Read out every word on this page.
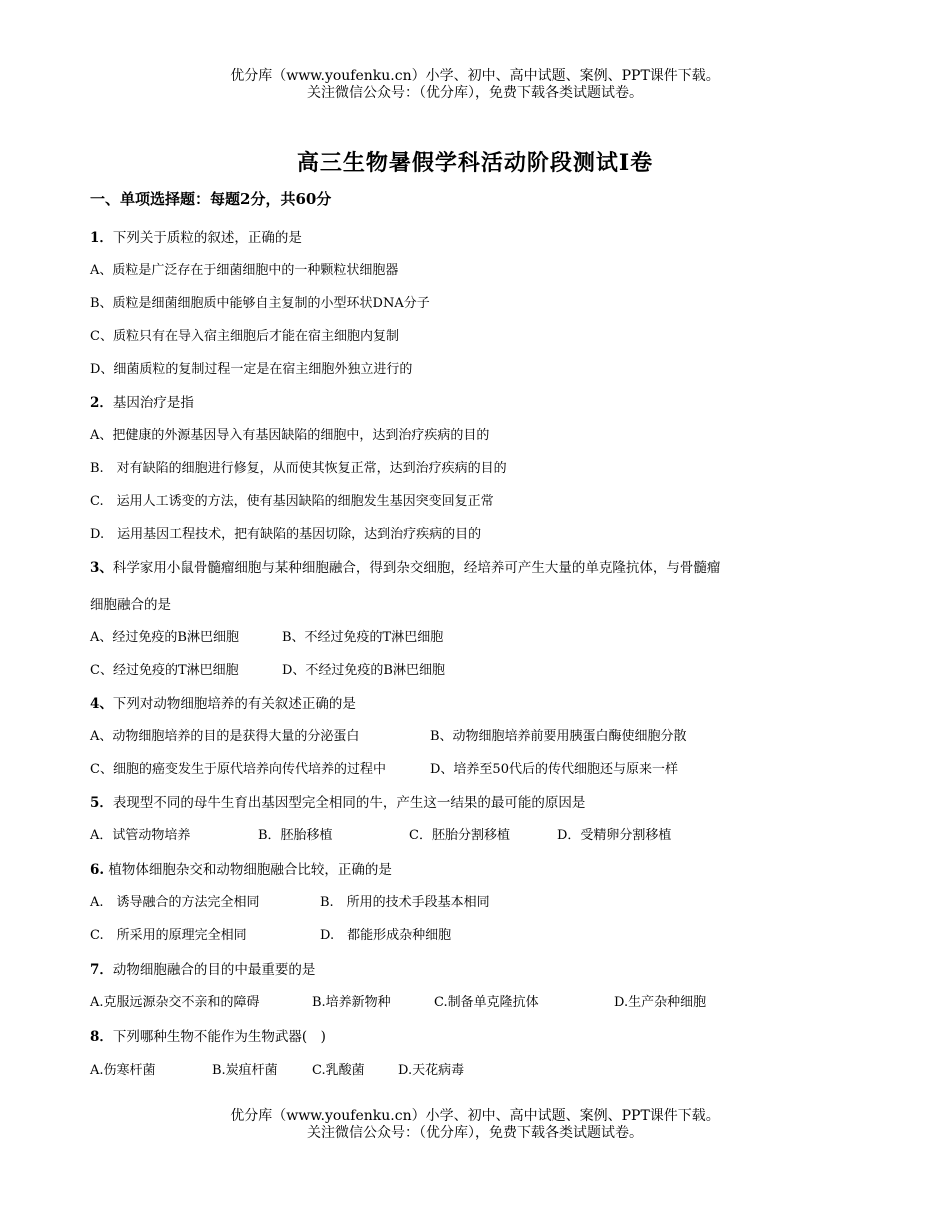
优分库（www.youfenku.cn）小学、初中、高中试题、案例、PPT课件下载。
关注微信公众号：（优分库），免费下载各类试题试卷。
高三生物暑假学科活动阶段测试Ⅰ卷
一、单项选择题：每题2分，共60分
1．下列关于质粒的叙述，正确的是
A、质粒是广泛存在于细菌细胞中的一种颗粒状细胞器
B、质粒是细菌细胞质中能够自主复制的小型环状DNA分子
C、质粒只有在导入宿主细胞后才能在宿主细胞内复制
D、细菌质粒的复制过程一定是在宿主细胞外独立进行的
2．基因治疗是指
A、把健康的外源基因导入有基因缺陷的细胞中，达到治疗疾病的目的
B.　对有缺陷的细胞进行修复，从而使其恢复正常，达到治疗疾病的目的
C.　运用人工诱变的方法，使有基因缺陷的细胞发生基因突变回复正常
D.　运用基因工程技术，把有缺陷的基因切除，达到治疗疾病的目的
3、科学家用小鼠骨髓瘤细胞与某种细胞融合，得到杂交细胞，经培养可产生大量的单克隆抗体，与骨髓瘤
细胞融合的是
A、经过免疫的B淋巴细胞	B、不经过免疫的T淋巴细胞
C、经过免疫的T淋巴细胞	D、不经过免疫的B淋巴细胞
4、下列对动物细胞培养的有关叙述正确的是
A、动物细胞培养的目的是获得大量的分泌蛋白	B、动物细胞培养前要用胰蛋白酶使细胞分散
C、细胞的癌变发生于原代培养向传代培养的过程中	D、培养至50代后的传代细胞还与原来一样
5．表现型不同的母牛生育出基因型完全相同的牛，产生这一结果的最可能的原因是
A．试管动物培养	B．胚胎移植	C．胚胎分割移植	D．受精卵分割移植
6. 植物体细胞杂交和动物细胞融合比较，正确的是
A.　诱导融合的方法完全相同	B.　所用的技术手段基本相同
C.　所采用的原理完全相同	D.　都能形成杂种细胞
7．动物细胞融合的目的中最重要的是
A.克服远源杂交不亲和的障碍	B.培养新物种	C.制备单克隆抗体	D.生产杂种细胞
8．下列哪种生物不能作为生物武器(　)
A.伤寒杆菌	B.炭疽杆菌	C.乳酸菌	D.天花病毒
优分库（www.youfenku.cn）小学、初中、高中试题、案例、PPT课件下载。
关注微信公众号：（优分库），免费下载各类试题试卷。
